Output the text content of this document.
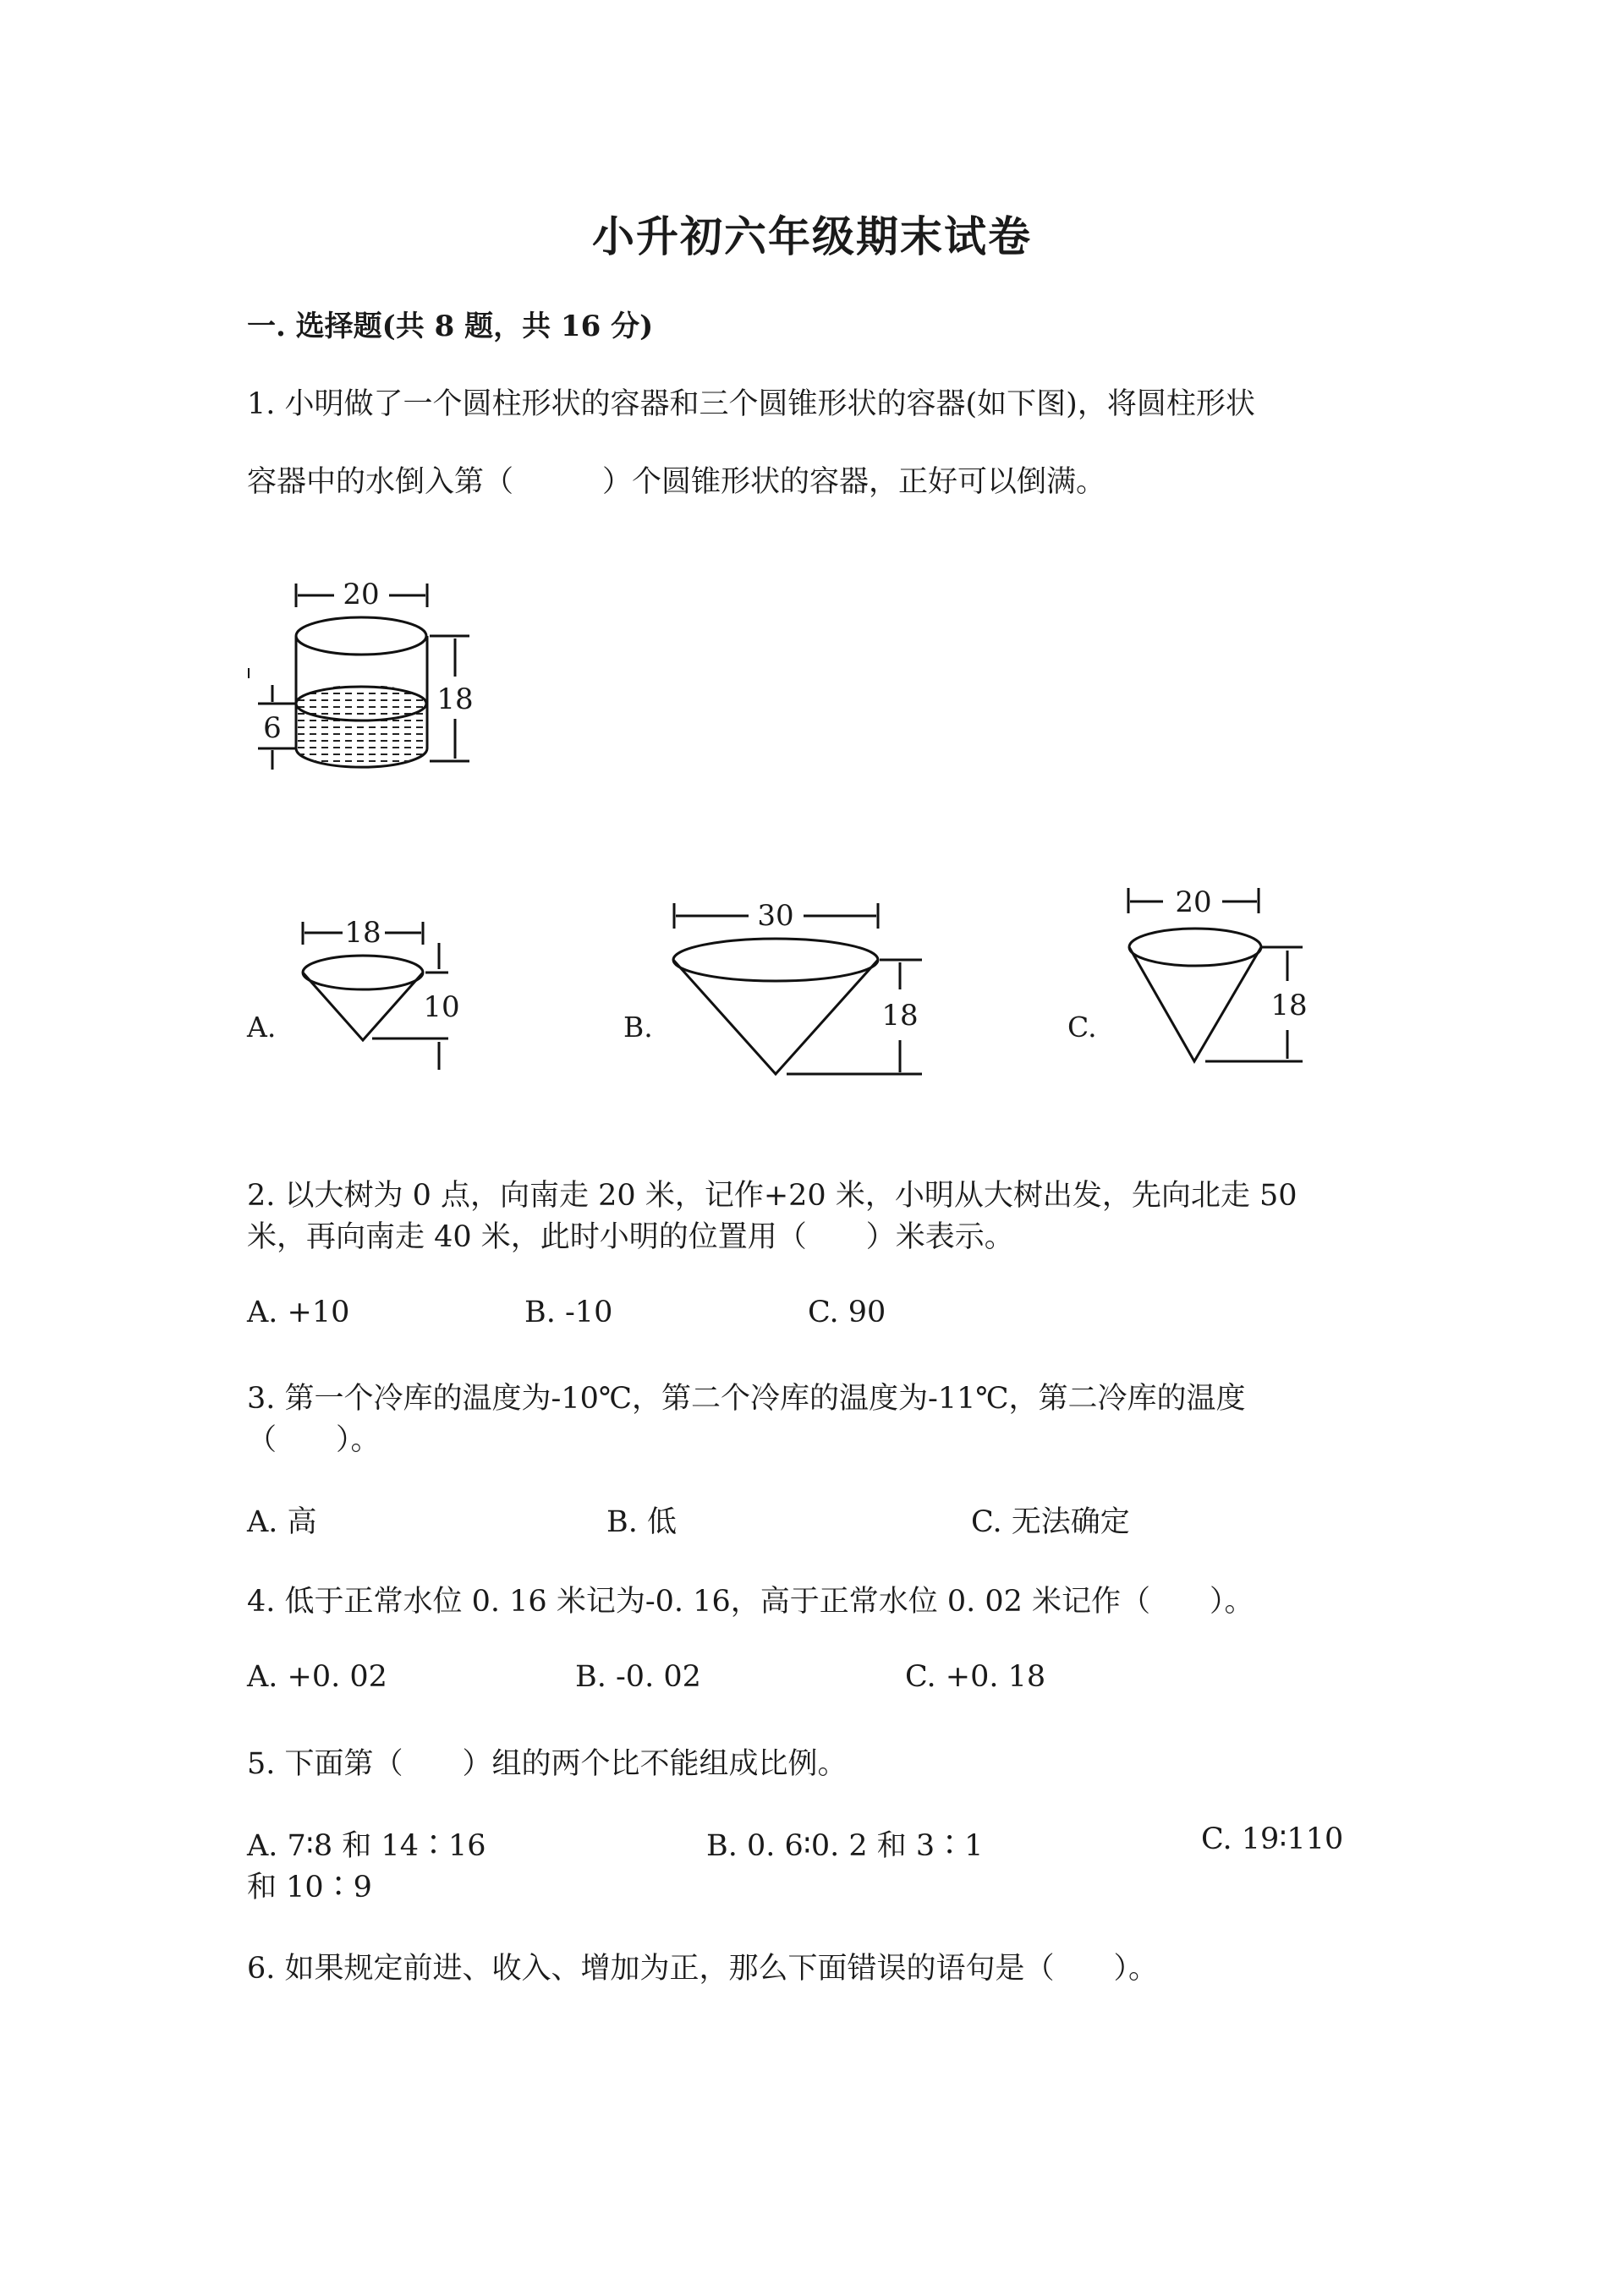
小升初六年级期末试卷
一. 选择题(共 8 题，共 16 分)
1. 小明做了一个圆柱形状的容器和三个圆锥形状的容器(如下图)，将圆柱形状
容器中的水倒入第（　　　）个圆锥形状的容器，正好可以倒满。
20
18
6
18
10
A.
30
18
B.
20
18
C.
2. 以大树为 0 点，向南走 20 米，记作+20 米，小明从大树出发，先向北走 50
米，再向南走 40 米，此时小明的位置用（　　）米表示。
A. +10	B. -10	C. 90
3. 第一个冷库的温度为-10℃，第二个冷库的温度为-11℃，第二冷库的温度
（　　）。
A. 高	B. 低	C. 无法确定
4. 低于正常水位 0. 16 米记为-0. 16，高于正常水位 0. 02 米记作（　　）。
A. +0. 02	B. -0. 02	C. +0. 18
5. 下面第（　　）组的两个比不能组成比例。
A. 7∶8 和 14∶16	B. 0. 6∶0. 2 和 3∶1	C. 19∶110
和 10∶9
6. 如果规定前进、收入、增加为正，那么下面错误的语句是（　　）。
